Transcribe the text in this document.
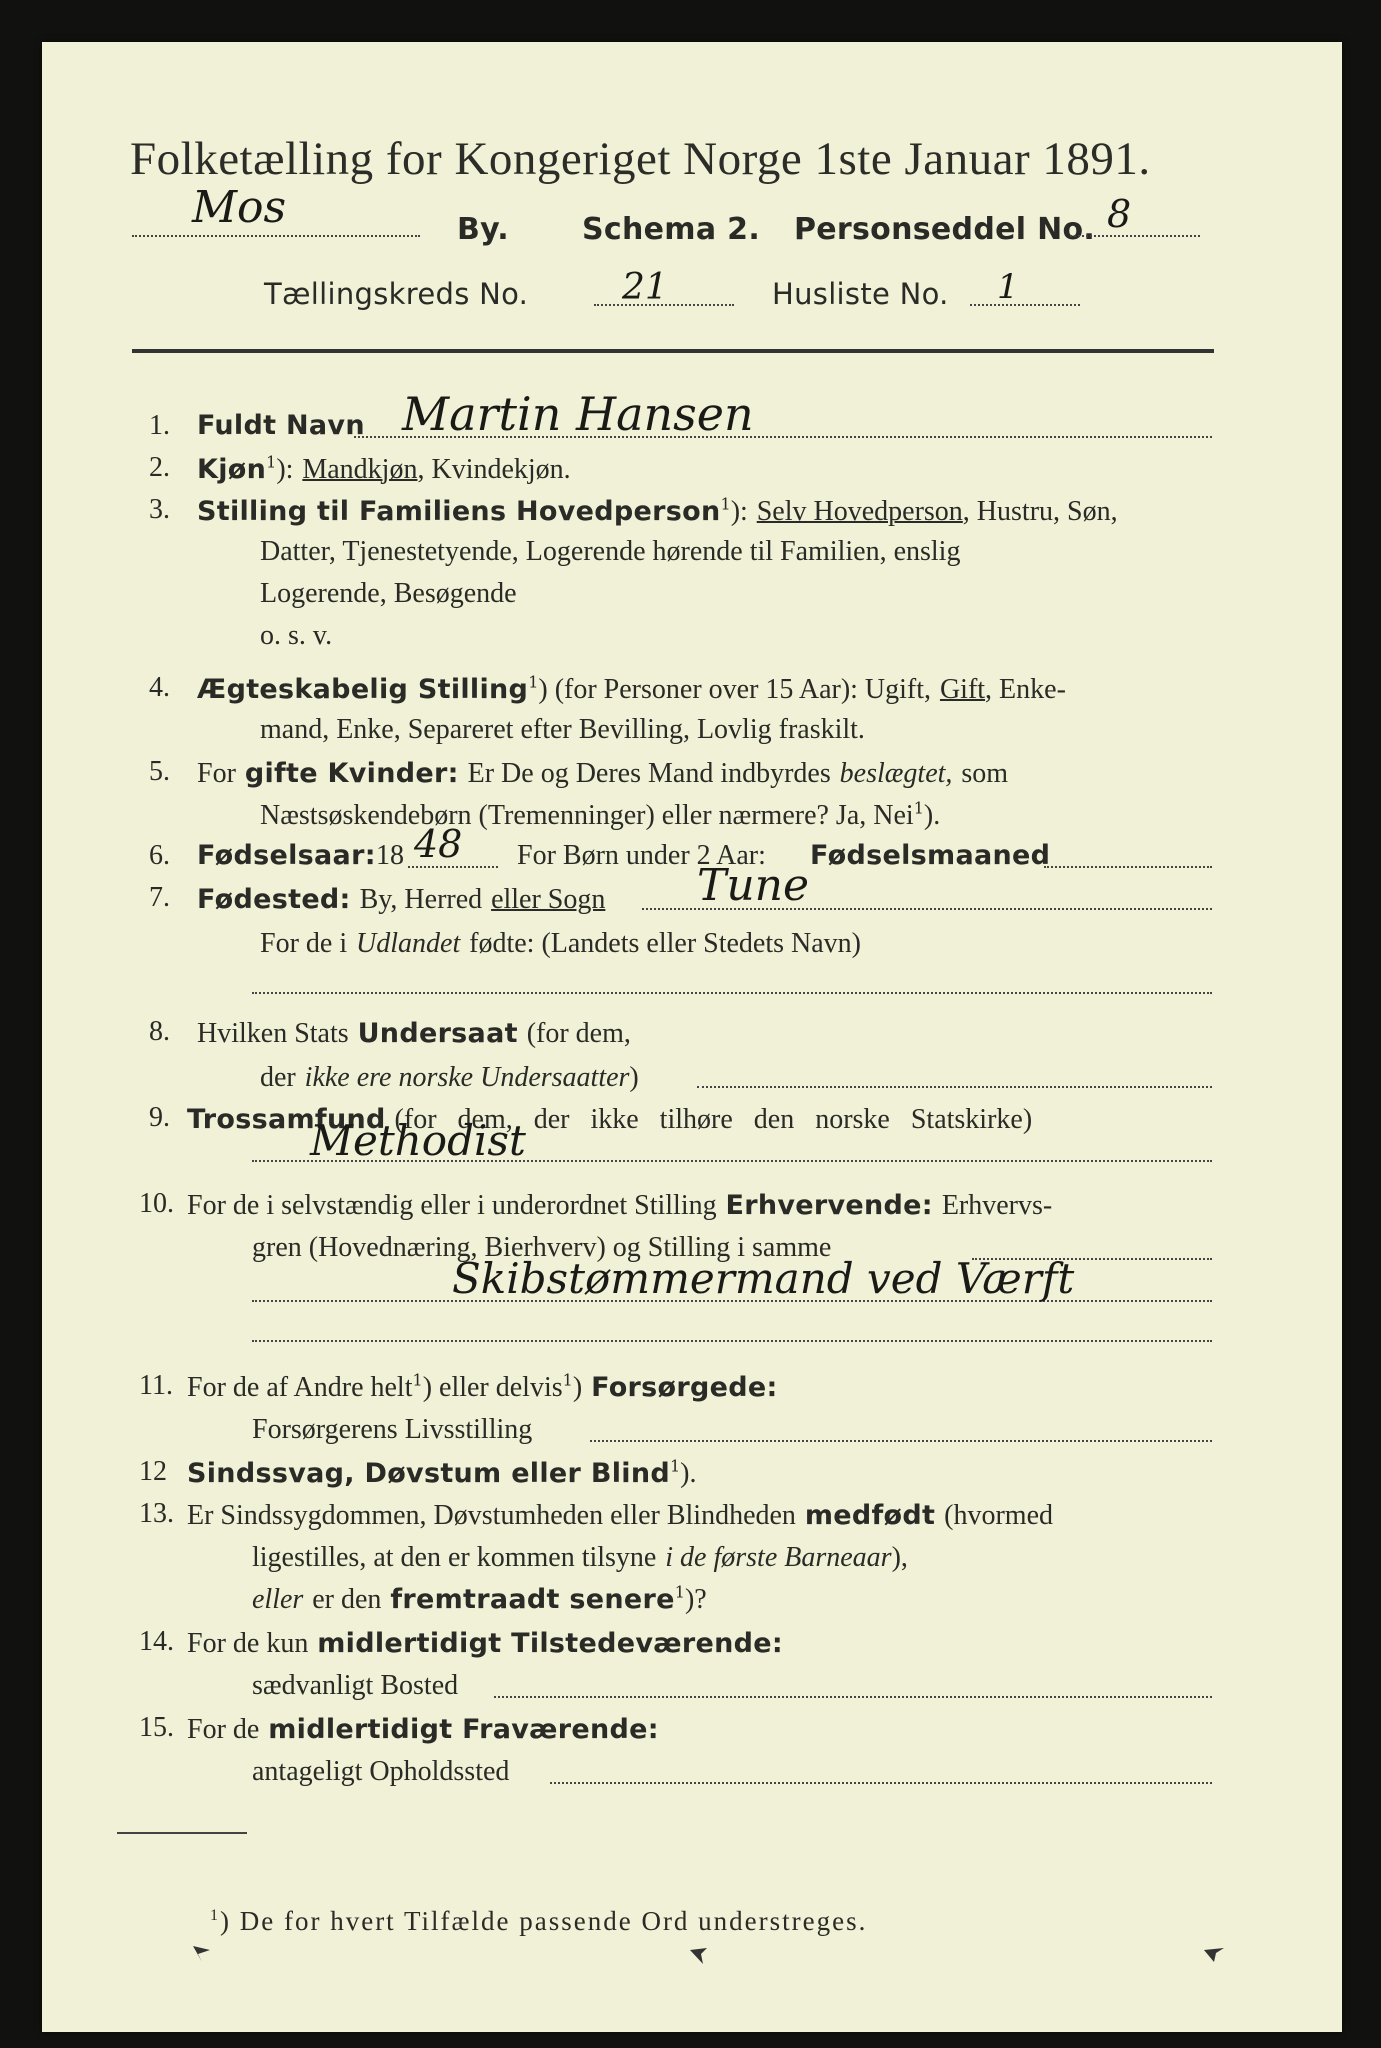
Folketælling for Kongeriget Norge 1ste Januar 1891.
Mos	By. Schema 2. Personseddel No. 8
Tællingskreds No.	21	Husliste No. 1
1. Fuldt Navn Martin Hansen
2. Kjøn$^1$): Mandkjøn, Kvindekjøn.
3. Stilling til Familiens Hovedperson$^1$): Selv Hovedperson, Hustru, Søn,
Datter, Tjenestetyende, Logerende hørende til Familien, enslig
Logerende, Besøgende
o. s. v.
4. Ægteskabelig Stilling$^1$) (for Personer over 15 Aar): Ugift, Gift, Enke-
mand, Enke, Separeret efter Bevilling, Lovlig fraskilt.
5. For gifte Kvinder: Er De og Deres Mand indbyrdes beslægtet, som
Næstsøskendebørn (Tremenninger) eller nærmere? Ja, Nei$^1$).
6. Fødselsaar: 18 48 For Børn under 2 Aar: Fødselsmaaned
7. Fødested: By, Herred eller Sogn Tune
For de i Udlandet fødte: (Landets eller Stedets Navn)
8. Hvilken Stats Undersaat (for dem,
der ikke ere norske Undersaatter)
9. Trossamfund (for dem, der ikke tilhøre den norske Statskirke)
Methodist
10. For de i selvstændig eller i underordnet Stilling Erhvervende: Erhvervs-
gren (Hovednæring, Bierhverv) og Stilling i samme
Skibstømmermand ved Værft
11. For de af Andre helt$^1$) eller delvis$^1$) Forsørgede:
Forsørgerens Livsstilling
12 Sindssvag, Døvstum eller Blind$^1$).
13. Er Sindssygdommen, Døvstumheden eller Blindheden medfødt (hvormed
ligestilles, at den er kommen tilsyne i de første Barneaar),
eller er den fremtraadt senere$^1$)?
14. For de kun midlertidigt Tilstedeværende:
sædvanligt Bosted
15. For de midlertidigt Fraværende:
antageligt Opholdssted
$^1$) De for hvert Tilfælde passende Ord understreges.
